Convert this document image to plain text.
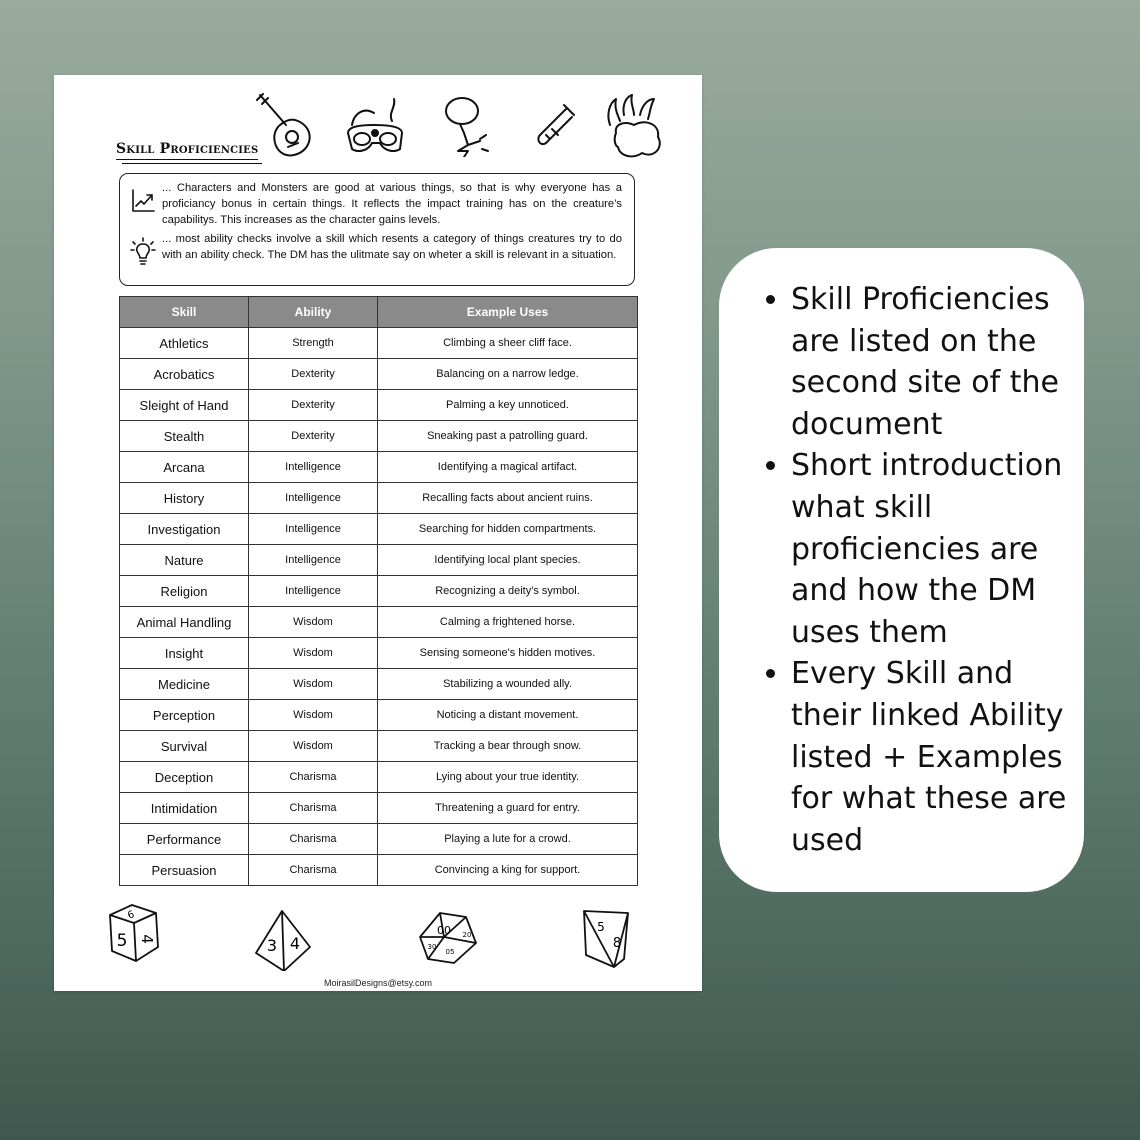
Skill Proficiencies

... Characters and Monsters are good at various things, so that is why everyone has a proficiancy bonus in certain things. It reflects the impact training has on the creature’s capabilitys. This increases as the character gains levels.

... most ability checks involve a skill which resents a category of things creatures try to do with an ability check. The DM has the ulitmate say on wheter a skill is relevant in a situation.

Skill	Ability	Example Uses
Athletics	Strength	Climbing a sheer cliff face.
Acrobatics	Dexterity	Balancing on a narrow ledge.
Sleight of Hand	Dexterity	Palming a key unnoticed.
Stealth	Dexterity	Sneaking past a patrolling guard.
Arcana	Intelligence	Identifying a magical artifact.
History	Intelligence	Recalling facts about ancient ruins.
Investigation	Intelligence	Searching for hidden compartments.
Nature	Intelligence	Identifying local plant species.
Religion	Intelligence	Recognizing a deity's symbol.
Animal Handling	Wisdom	Calming a frightened horse.
Insight	Wisdom	Sensing someone's hidden motives.
Medicine	Wisdom	Stabilizing a wounded ally.
Perception	Wisdom	Noticing a distant movement.
Survival	Wisdom	Tracking a bear through snow.
Deception	Charisma	Lying about your true identity.
Intimidation	Charisma	Threatening a guard for entry.
Performance	Charisma	Playing a lute for a crowd.
Persuasion	Charisma	Convincing a king for support.
6
5 4	3 4
00 20
30
05
5
8
MoirasilDesigns@etsy.com
• Skill Proficiencies are listed on the second site of the document
• Short introduction what skill proficiencies are and how the DM uses them
• Every Skill and their linked Ability listed + Examples for what these are used
